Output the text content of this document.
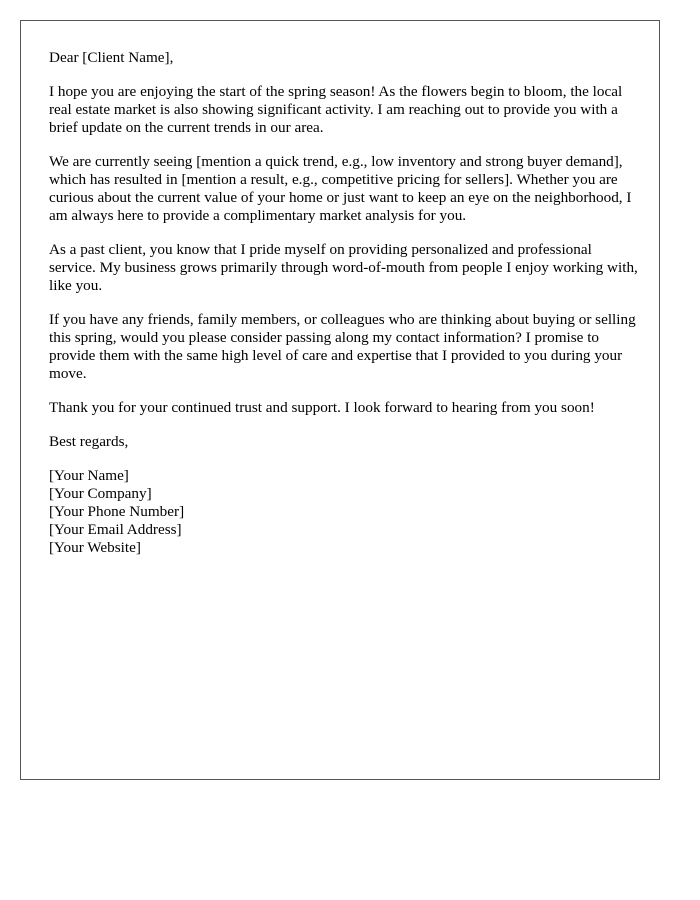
Dear [Client Name],

I hope you are enjoying the start of the spring season! As the flowers begin to bloom, the local real estate market is also showing significant activity. I am reaching out to provide you with a brief update on the current trends in our area.

We are currently seeing [mention a quick trend, e.g., low inventory and strong buyer demand], which has resulted in [mention a result, e.g., competitive pricing for sellers]. Whether you are curious about the current value of your home or just want to keep an eye on the neighborhood, I am always here to provide a complimentary market analysis for you.

As a past client, you know that I pride myself on providing personalized and professional service. My business grows primarily through word-of-mouth from people I enjoy working with, like you.

If you have any friends, family members, or colleagues who are thinking about buying or selling this spring, would you please consider passing along my contact information? I promise to provide them with the same high level of care and expertise that I provided to you during your move.

Thank you for your continued trust and support. I look forward to hearing from you soon!

Best regards,

[Your Name]
[Your Company]
[Your Phone Number]
[Your Email Address]
[Your Website]
